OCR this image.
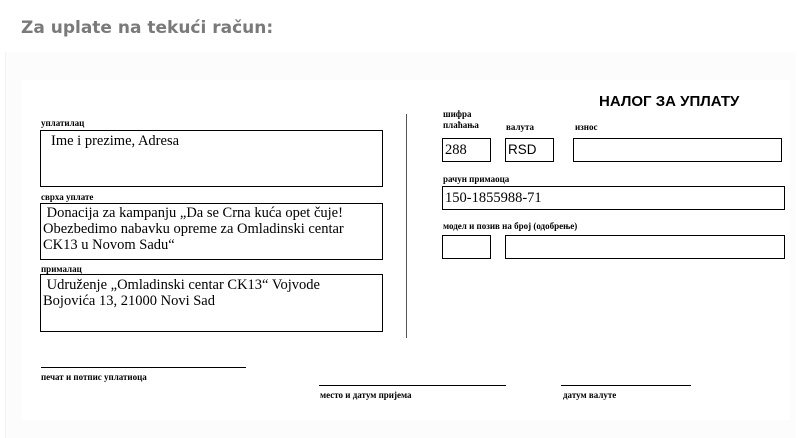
Za uplate na tekući račun:
НАЛОГ ЗА УПЛАТУ
уплатилац
Ime i prezime, Adresa
сврха уплате
Donacija za kampanju „Da se Crna kuća opet čuje!
Obezbedimo nabavku opreme za Omladinski centar
CK13 u Novom Sadu“
прималац
Udruženje „Omladinski centar CK13“ Vojvode
Bojovića 13, 21000 Novi Sad
шифра
плаћања
288
валута
RSD
износ
рачун примаоца
150-1855988-71
модел и позив на број (одобрење)
печат и потпис уплатиоца
место и датум пријема	датум валуте
